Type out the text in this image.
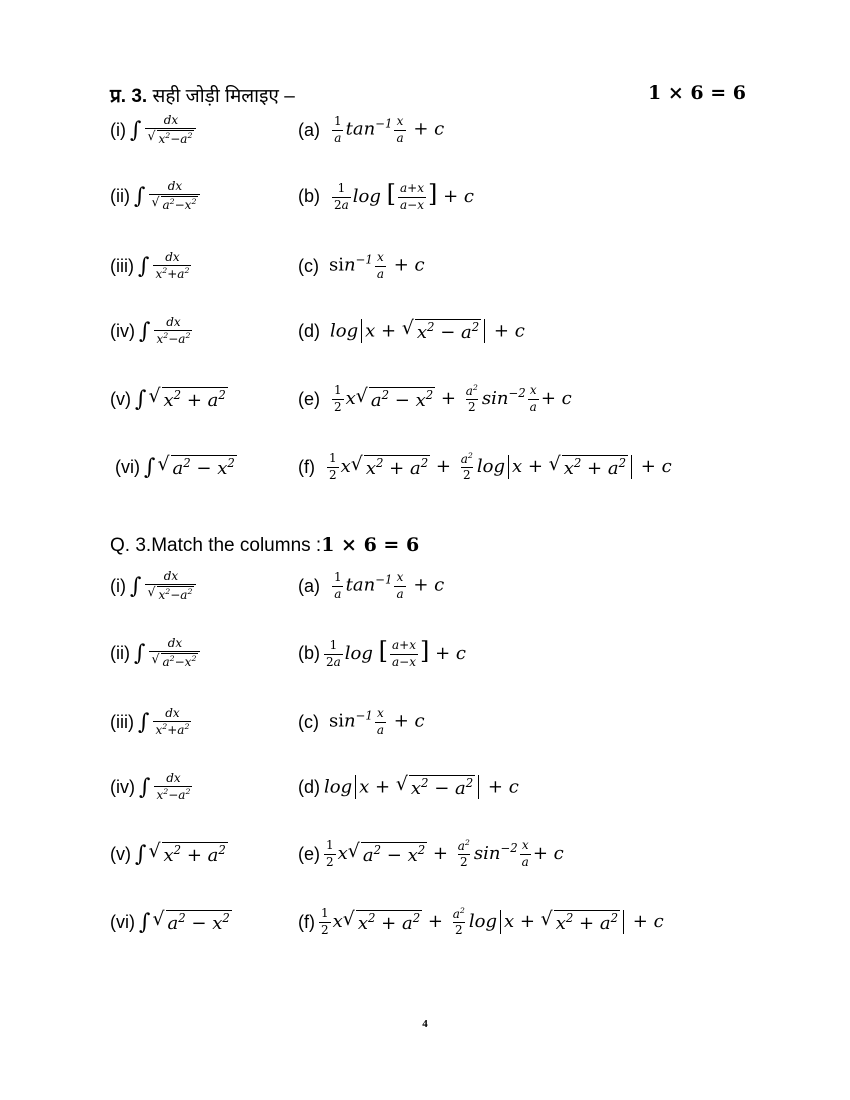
प्र. 3. सही जोड़ी मिलाइए –	1 × 6 = 6
(i) ∫ $\frac{dx}{√ x^2-a^2}$	$(a) \frac{1}{a} \tan^{-1} \frac{x}{a} + c$
(ii) ∫ $\frac{dx}{√ a^2-x^2}$	$(b) \frac{1}{2a}$ log [ $\frac{a+x}{a-x}$ ] + c
(iii) ∫ $\frac{dx}{x^2+a^2}$	(c) $\sin^{-1} \frac{x}{a} + c$
(iv) ∫ $\frac{dx}{x^2-a^2}$	(d) log x + √ $x^2 - a^2 + c$
(v) ∫ √ $x^2 + a^2$	$(e) \frac{1}{2}$ x √ $a^2 - x^2 + \frac{a^2}{2} \sin^{-2} \frac{x}{a} + c$
(vi) ∫ √ $a^2 - x^2$	$(f) \frac{1}{2}$ x √ $x^2 + a^2 + \frac{a^2}{2}$ log x + √ $x^2 + a^2 + c$
Q. 3.Match the columns :1 × 6 = 6
(i) ∫ $\frac{dx}{√ x^2-a^2}$	$(a) \frac{1}{a} \tan^{-1} \frac{x}{a} + c$
(ii) ∫ $\frac{dx}{√ a^2-x^2}$	$(b) \frac{1}{2a}$ log [ $\frac{a+x}{a-x}$ ] + c
(iii) ∫ $\frac{dx}{x^2+a^2}$	(c) $\sin^{-1} \frac{x}{a} + c$
(iv) ∫ $\frac{dx}{x^2-a^2}$	(d) log x + √ $x^2 - a^2 + c$
(v) ∫ √ $x^2 + a^2$	$(e) \frac{1}{2}$ x √ $a^2 - x^2 + \frac{a^2}{2} \sin^{-2} \frac{x}{a} + c$
(vi) ∫ √ $a^2 - x^2$	$(f) \frac{1}{2}$ x √ $x^2 + a^2 + \frac{a^2}{2}$ log x + √ $x^2 + a^2 + c$
4
